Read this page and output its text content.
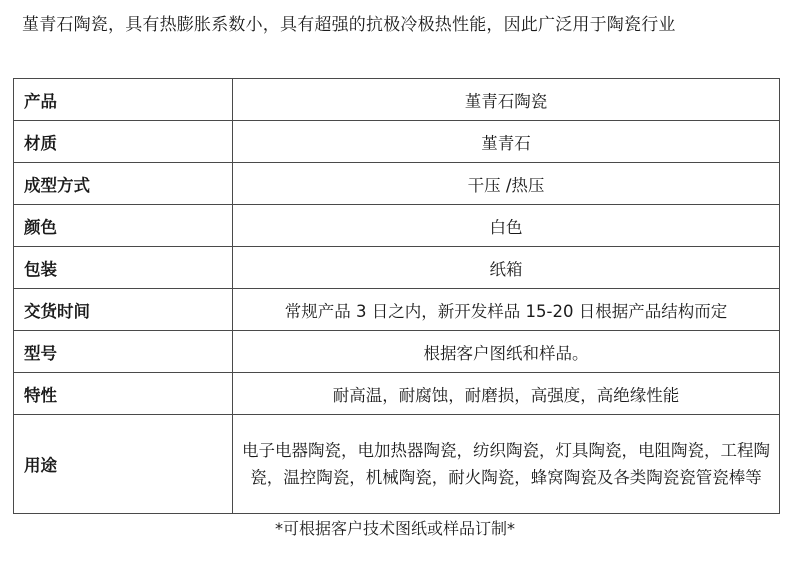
堇青石陶瓷，具有热膨胀系数小，具有超强的抗极冷极热性能，因此广泛用于陶瓷行业
产品	堇青石陶瓷
材质	堇青石
成型方式	干压 /热压
颜色	白色
包装	纸箱
交货时间	常规产品 3 日之内，新开发样品 15-20 日根据产品结构而定
型号	根据客户图纸和样品。
特性	耐高温，耐腐蚀，耐磨损，高强度，高绝缘性能
用途	电子电器陶瓷，电加热器陶瓷，纺织陶瓷，灯具陶瓷，电阻陶瓷，工程陶瓷，温控陶瓷，机械陶瓷，耐火陶瓷，蜂窝陶瓷及各类陶瓷瓷管瓷棒等
*可根据客户技术图纸或样品订制*
